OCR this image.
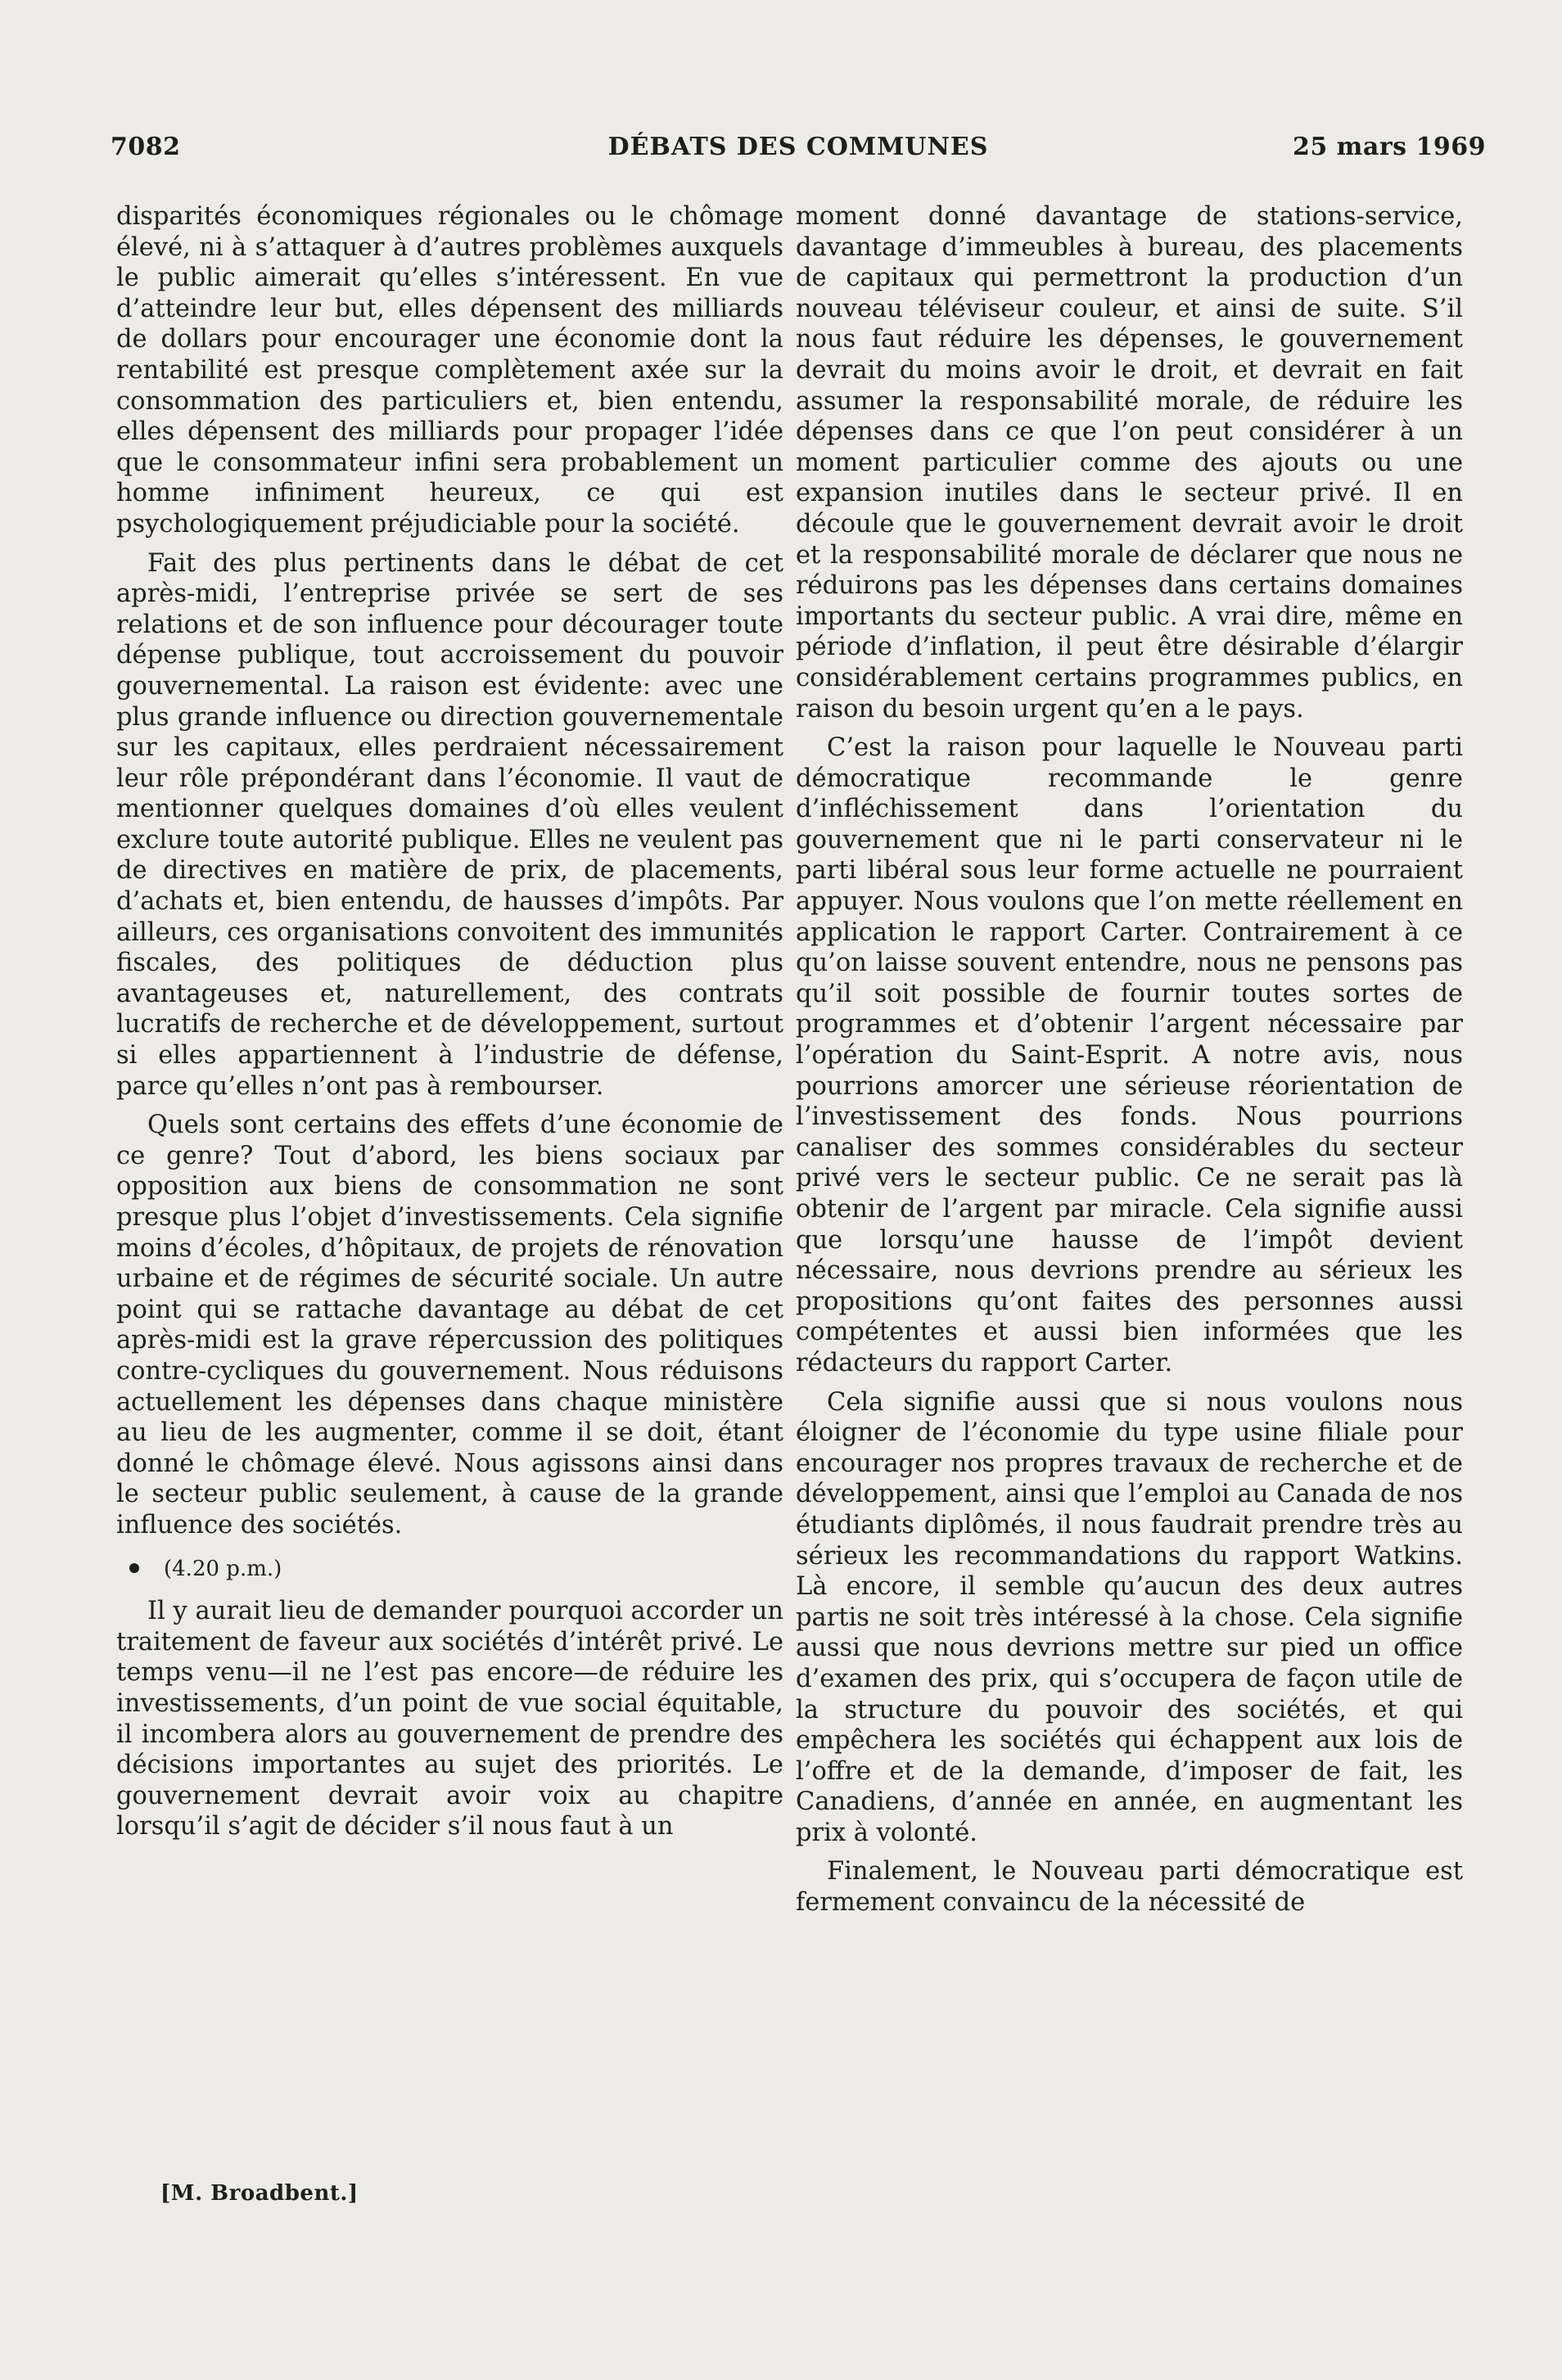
7082	DÉBATS DES COMMUNES	25 mars 1969

disparités économiques régionales ou le chômage élevé, ni à s’attaquer à d’autres problèmes auxquels le public aimerait qu’elles s’intéressent. En vue d’atteindre leur but, elles dépensent des milliards de dollars pour encourager une économie dont la rentabilité est presque complètement axée sur la consommation des particuliers et, bien entendu, elles dépensent des milliards pour propager l’idée que le consommateur infini sera probablement un homme infiniment heureux, ce qui est psychologiquement préjudiciable pour la société.

Fait des plus pertinents dans le débat de cet après-midi, l’entreprise privée se sert de ses relations et de son influence pour décourager toute dépense publique, tout accroissement du pouvoir gouvernemental. La raison est évidente: avec une plus grande influence ou direction gouvernementale sur les capitaux, elles perdraient nécessairement leur rôle prépondérant dans l’économie. Il vaut de mentionner quelques domaines d’où elles veulent exclure toute autorité publique. Elles ne veulent pas de directives en matière de prix, de placements, d’achats et, bien entendu, de hausses d’impôts. Par ailleurs, ces organisations convoitent des immunités fiscales, des politiques de déduction plus avantageuses et, naturellement, des contrats lucratifs de recherche et de développement, surtout si elles appartiennent à l’industrie de défense, parce qu’elles n’ont pas à rembourser.

Quels sont certains des effets d’une économie de ce genre? Tout d’abord, les biens sociaux par opposition aux biens de consommation ne sont presque plus l’objet d’investissements. Cela signifie moins d’écoles, d’hôpitaux, de projets de rénovation urbaine et de régimes de sécurité sociale. Un autre point qui se rattache davantage au débat de cet après-midi est la grave répercussion des politiques contre-cycliques du gouvernement. Nous réduisons actuellement les dépenses dans chaque ministère au lieu de les augmenter, comme il se doit, étant donné le chômage élevé. Nous agissons ainsi dans le secteur public seulement, à cause de la grande influence des sociétés.

(4.20 p.m.)

Il y aurait lieu de demander pourquoi accorder un traitement de faveur aux sociétés d’intérêt privé. Le temps venu—il ne l’est pas encore—de réduire les investissements, d’un point de vue social équitable, il incombera alors au gouvernement de prendre des décisions importantes au sujet des priorités. Le gouvernement devrait avoir voix au chapitre lorsqu’il s’agit de décider s’il nous faut à un

moment donné davantage de stations-service, davantage d’immeubles à bureau, des placements de capitaux qui permettront la production d’un nouveau téléviseur couleur, et ainsi de suite. S’il nous faut réduire les dépenses, le gouvernement devrait du moins avoir le droit, et devrait en fait assumer la responsabilité morale, de réduire les dépenses dans ce que l’on peut considérer à un moment particulier comme des ajouts ou une expansion inutiles dans le secteur privé. Il en découle que le gouvernement devrait avoir le droit et la responsabilité morale de déclarer que nous ne réduirons pas les dépenses dans certains domaines importants du secteur public. A vrai dire, même en période d’inflation, il peut être désirable d’élargir considérablement certains programmes publics, en raison du besoin urgent qu’en a le pays.

C’est la raison pour laquelle le Nouveau parti démocratique recommande le genre d’infléchissement dans l’orientation du gouvernement que ni le parti conservateur ni le parti libéral sous leur forme actuelle ne pourraient appuyer. Nous voulons que l’on mette réellement en application le rapport Carter. Contrairement à ce qu’on laisse souvent entendre, nous ne pensons pas qu’il soit possible de fournir toutes sortes de programmes et d’obtenir l’argent nécessaire par l’opération du Saint-Esprit. A notre avis, nous pourrions amorcer une sérieuse réorientation de l’investissement des fonds. Nous pourrions canaliser des sommes considérables du secteur privé vers le secteur public. Ce ne serait pas là obtenir de l’argent par miracle. Cela signifie aussi que lorsqu’une hausse de l’impôt devient nécessaire, nous devrions prendre au sérieux les propositions qu’ont faites des personnes aussi compétentes et aussi bien informées que les rédacteurs du rapport Carter.

Cela signifie aussi que si nous voulons nous éloigner de l’économie du type usine filiale pour encourager nos propres travaux de recherche et de développement, ainsi que l’emploi au Canada de nos étudiants diplômés, il nous faudrait prendre très au sérieux les recommandations du rapport Watkins. Là encore, il semble qu’aucun des deux autres partis ne soit très intéressé à la chose. Cela signifie aussi que nous devrions mettre sur pied un office d’examen des prix, qui s’occupera de façon utile de la structure du pouvoir des sociétés, et qui empêchera les sociétés qui échappent aux lois de l’offre et de la demande, d’imposer de fait, les Canadiens, d’année en année, en augmentant les prix à volonté.

Finalement, le Nouveau parti démocratique est fermement convaincu de la nécessité de

[M. Broadbent.]
